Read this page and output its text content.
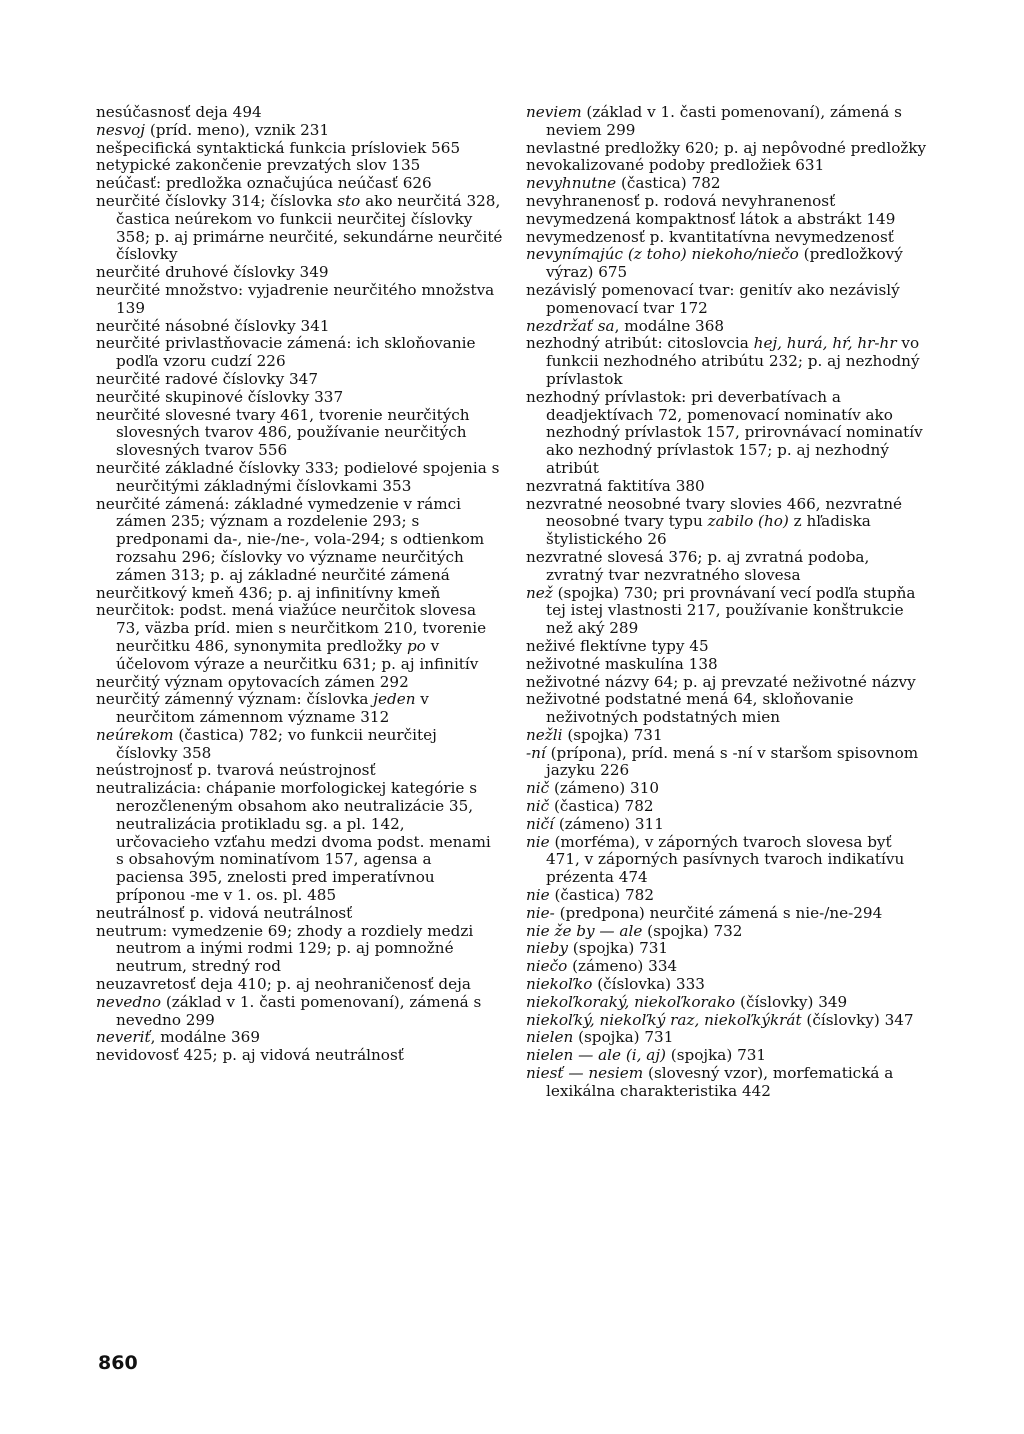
nesúčasnosť deja 494
nesvoj (príd. meno), vznik 231
nešpecifická syntaktická funkcia prísloviek 565
netypické zakončenie prevzatých slov 135
neúčasť: predložka označujúca neúčasť 626
neurčité číslovky 314; číslovka sto ako neurčitá 328, častica neúrekom vo funkcii neurčitej číslovky 358; p. aj primárne neurčité, sekundárne neurčité číslovky
neurčité druhové číslovky 349
neurčité množstvo: vyjadrenie neurčitého množstva 139
neurčité násobné číslovky 341
neurčité privlastňovacie zámená: ich skloňovanie podľa vzoru cudzí 226
neurčité radové číslovky 347
neurčité skupinové číslovky 337
neurčité slovesné tvary 461, tvorenie neurčitých slovesných tvarov 486, používanie neurčitých slovesných tvarov 556
neurčité základné číslovky 333; podielové spojenia s neurčitými základnými číslovkami 353
neurčité zámená: základné vymedzenie v rámci zámen 235; význam a rozdelenie 293; s predponami da-, nie-/ne-, vola-294; s odtienkom rozsahu 296; číslovky vo význame neurčitých zámen 313; p. aj základné neurčité zámená
neurčitkový kmeň 436; p. aj infinitívny kmeň
neurčitok: podst. mená viažúce neurčitok slovesa 73, väzba príd. mien s neurčitkom 210, tvorenie neurčitku 486, synonymita predložky po v účelovom výraze a neurčitku 631; p. aj infinitív
neurčitý význam opytovacích zámen 292
neurčitý zámenný význam: číslovka jeden v neurčitom zámennom význame 312
neúrekom (častica) 782; vo funkcii neurčitej číslovky 358
neústrojnosť p. tvarová neústrojnosť
neutralizácia: chápanie morfologickej kategórie s nerozčleneným obsahom ako neutralizácie 35, neutralizácia protikladu sg. a pl. 142, určovacieho vzťahu medzi dvoma podst. menami s obsahovým nominatívom 157, agensa a paciensa 395, znelosti pred imperatívnou príponou -me v 1. os. pl. 485
neutrálnosť p. vidová neutrálnosť
neutrum: vymedzenie 69; zhody a rozdiely medzi neutrom a inými rodmi 129; p. aj pomnožné neutrum, stredný rod
neuzavretosť deja 410; p. aj neohraničenosť deja
nevedno (základ v 1. časti pomenovaní), zámená s nevedno 299
neveriť, modálne 369
nevidovosť 425; p. aj vidová neutrálnosť
neviem (základ v 1. časti pomenovaní), zámená s neviem 299
nevlastné predložky 620; p. aj nepôvodné predložky
nevokalizované podoby predložiek 631
nevyhnutne (častica) 782
nevyhranenosť p. rodová nevyhranenosť
nevymedzená kompaktnosť látok a abstrákt 149
nevymedzenosť p. kvantitatívna nevymedzenosť
nevynímajúc (z toho) niekoho/niečo (predložkový výraz) 675
nezávislý pomenovací tvar: genitív ako nezávislý pomenovací tvar 172
nezdržať sa, modálne 368
nezhodný atribút: citoslovcia hej, hurá, hŕ, hr-hr vo funkcii nezhodného atribútu 232; p. aj nezhodný prívlastok
nezhodný prívlastok: pri deverbatívach a deadjektívach 72, pomenovací nominatív ako nezhodný prívlastok 157, prirovnávací nominatív ako nezhodný prívlastok 157; p. aj nezhodný atribút
nezvratná faktitíva 380
nezvratné neosobné tvary slovies 466, nezvratné neosobné tvary typu zabilo (ho) z hľadiska štylistického 26
nezvratné slovesá 376; p. aj zvratná podoba, zvratný tvar nezvratného slovesa
než (spojka) 730; pri provnávaní vecí podľa stupňa tej istej vlastnosti 217, používanie konštrukcie než aký 289
neživé flektívne typy 45
neživotné maskulína 138
neživotné názvy 64; p. aj prevzaté neživotné názvy
neživotné podstatné mená 64, skloňovanie neživotných podstatných mien
nežli (spojka) 731
-ní (prípona), príd. mená s -ní v staršom spisovnom jazyku 226
nič (zámeno) 310
nič (častica) 782
ničí (zámeno) 311
nie (morféma), v záporných tvaroch slovesa byť 471, v záporných pasívnych tvaroch indikatívu prézenta 474
nie (častica) 782
nie- (predpona) neurčité zámená s nie-/ne-294
nie že by — ale (spojka) 732
nieby (spojka) 731
niečo (zámeno) 334
niekoľko (číslovka) 333
niekoľkoraký, niekoľkorako (číslovky) 349
niekoľký, niekoľký raz, niekoľkýkrát (číslovky) 347
nielen (spojka) 731
nielen — ale (i, aj) (spojka) 731
niesť — nesiem (slovesný vzor), morfematická a lexikálna charakteristika 442
860
